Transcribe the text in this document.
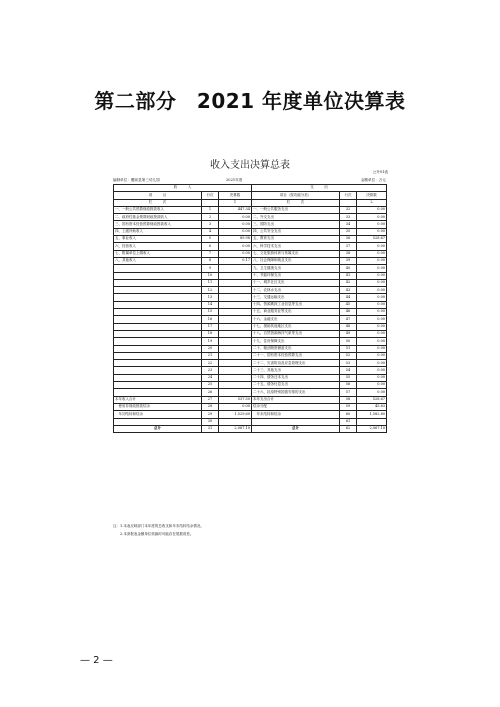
第二部分　2021 年度单位决算表
收入支出决算总表
公开01表
编制单位：醴泉县第三幼儿园	2021年度	金额单位：万元
收　　　入			支　　　出		
项　　　目	行次	决算数	项目（按功能分类）	行次	决算数
栏　　　次		1	栏　　　次		2
一、一般公共预算财政拨款收入	1	447.34	一、一般公共服务支出	32	0.00
二、政府性基金预算财政拨款收入	2	0.00	二、外交支出	33	0.00
三、国有资本经营预算财政拨款收入	3	0.00	三、国防支出	34	0.00
四、上级补助收入	4	0.00	四、公共安全支出	35	0.00
五、事业收入	5	89.98	五、教育支出	36	528.67
六、经营收入	6	0.00	六、科学技术支出	37	0.00
七、附属单位上缴收入	7	0.00	七、文化旅游体育与传媒支出	38	0.00
八、其他收入	8	0.17	八、社会保障和就业支出	39	0.00
	9		九、卫生健康支出	40	0.00
	10		十、节能环保支出	41	0.00
	11		十一、城乡社区支出	42	0.00
	12		十二、农林水支出	43	0.00
	13		十三、交通运输支出	44	0.00
	14		十四、资源勘探工业信息等支出	45	0.00
	15		十五、商业服务业等支出	46	0.00
	16		十六、金融支出	47	0.00
	17		十七、援助其他地区支出	48	0.00
	18		十八、自然资源海洋气象等支出	49	0.00
	19		十九、住房保障支出	50	0.00
	20		二十、粮油物资储备支出	51	0.00
	21		二十一、国有资本经营预算支出	52	0.00
	22		二十二、灾害防治及应急管理支出	53	0.00
	23		二十三、其他支出	54	0.00
	24		二十四、债务还本支出	55	0.00
	25		二十五、债务付息支出	56	0.00
	26		二十六、抗疫特别国债安排的支出	57	0.00
本年收入合计	27	537.50	本年支出合计	58	528.67
　使用非财政拨款结余	28	0.00	结余分配	59	45.63
　年初结转和结余	29	1,529.60	　年末结转和结余	60	1,582.80
	30			61	
总计	31	2,067.10	总计	62	2,067.10
注：1.本表反映部门本年度的总收支和年末结转结余情况。
　　2.本套报表金额单位转换时可能存在尾数误差。
— 2 —
